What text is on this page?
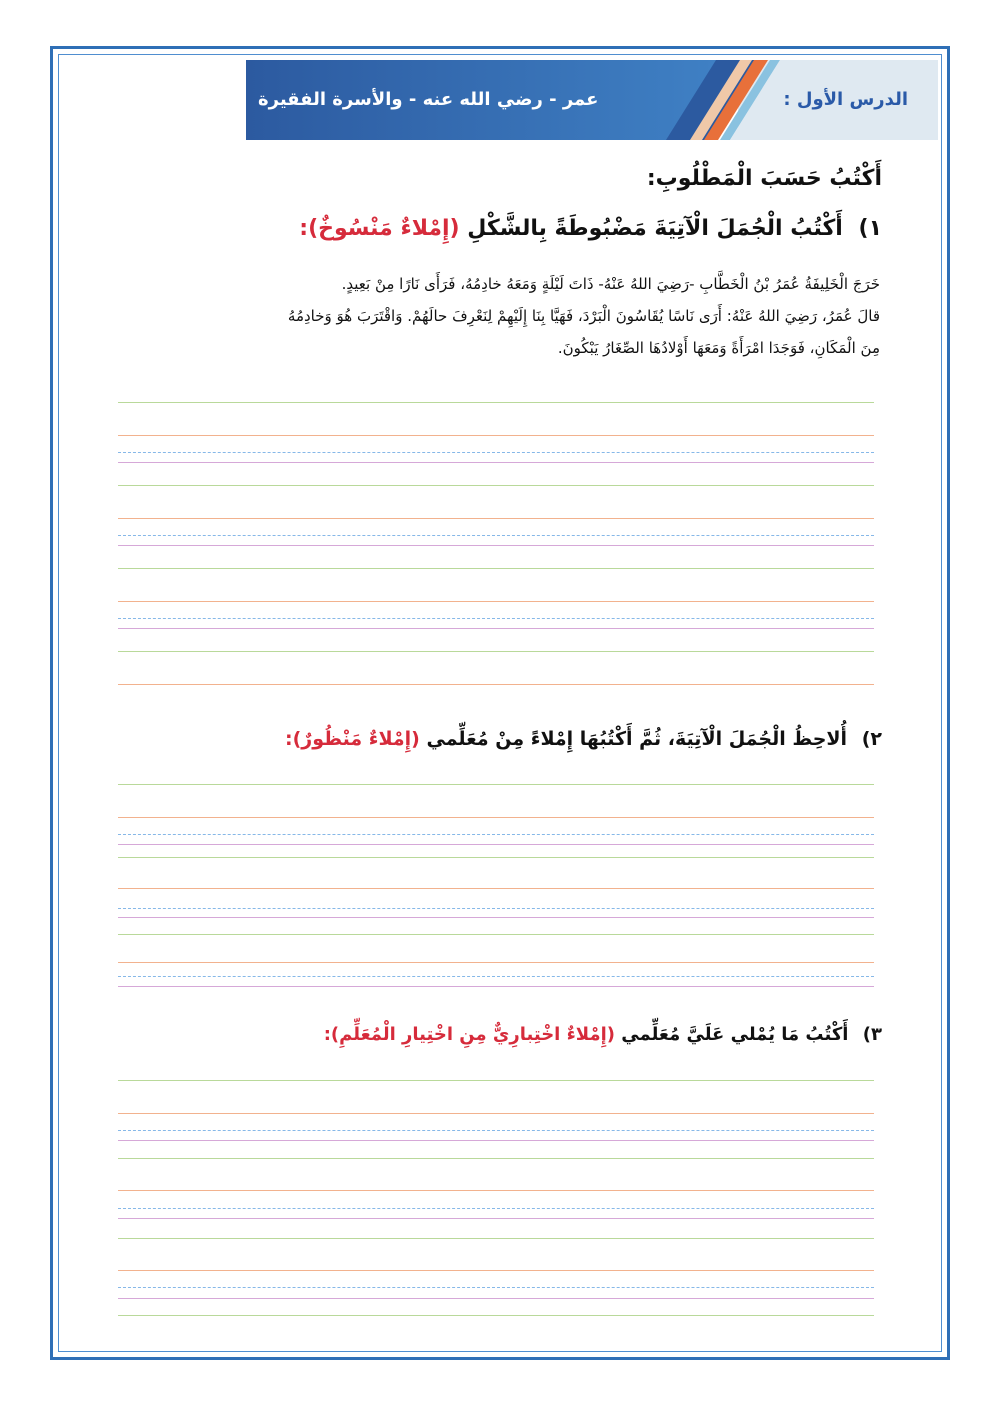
عمر - رضي الله عنه - والأسرة الفقيرة	الدرس الأول :
أَكْتُبُ حَسَبَ الْمَطْلُوبِ:
١) أَكْتُبُ الْجُمَلَ الْآتِيَةَ مَضْبُوطَةً بِالشَّكْلِ (إِمْلاءٌ مَنْسُوخٌ):

خَرَجَ الْخَلِيفَةُ عُمَرُ بْنُ الْخَطَّابِ -رَضِيَ اللهُ عَنْهُ- ذَاتَ لَيْلَةٍ وَمَعَهُ خادِمُهُ، فَرَأَى نَارًا مِنْ بَعِيدٍ.

قالَ عُمَرُ، رَضِيَ اللهُ عَنْهُ: أَرَى نَاسًا يُقَاسُونَ الْبَرْدَ، فَهَيَّا بِنَا إِلَيْهِمْ لِنَعْرِفَ حالَهُمْ. وَاقْتَرَبَ هُوَ وَخادِمُهُ

مِنَ الْمَكَانِ، فَوَجَدَا امْرَأَةً وَمَعَهَا أَوْلادُهَا الصِّغَارُ يَبْكُونَ.

٢) أُلاحِظُ الْجُمَلَ الْآتِيَةَ، ثُمَّ أَكْتُبُهَا إِمْلاءً مِنْ مُعَلِّمي (إِمْلاءٌ مَنْظُورٌ):
٣) أَكْتُبُ مَا يُمْلي عَلَيَّ مُعَلِّمي (إِمْلاءٌ اخْتِبارِيٌّ مِنِ اخْتِيارِ الْمُعَلِّمِ):
